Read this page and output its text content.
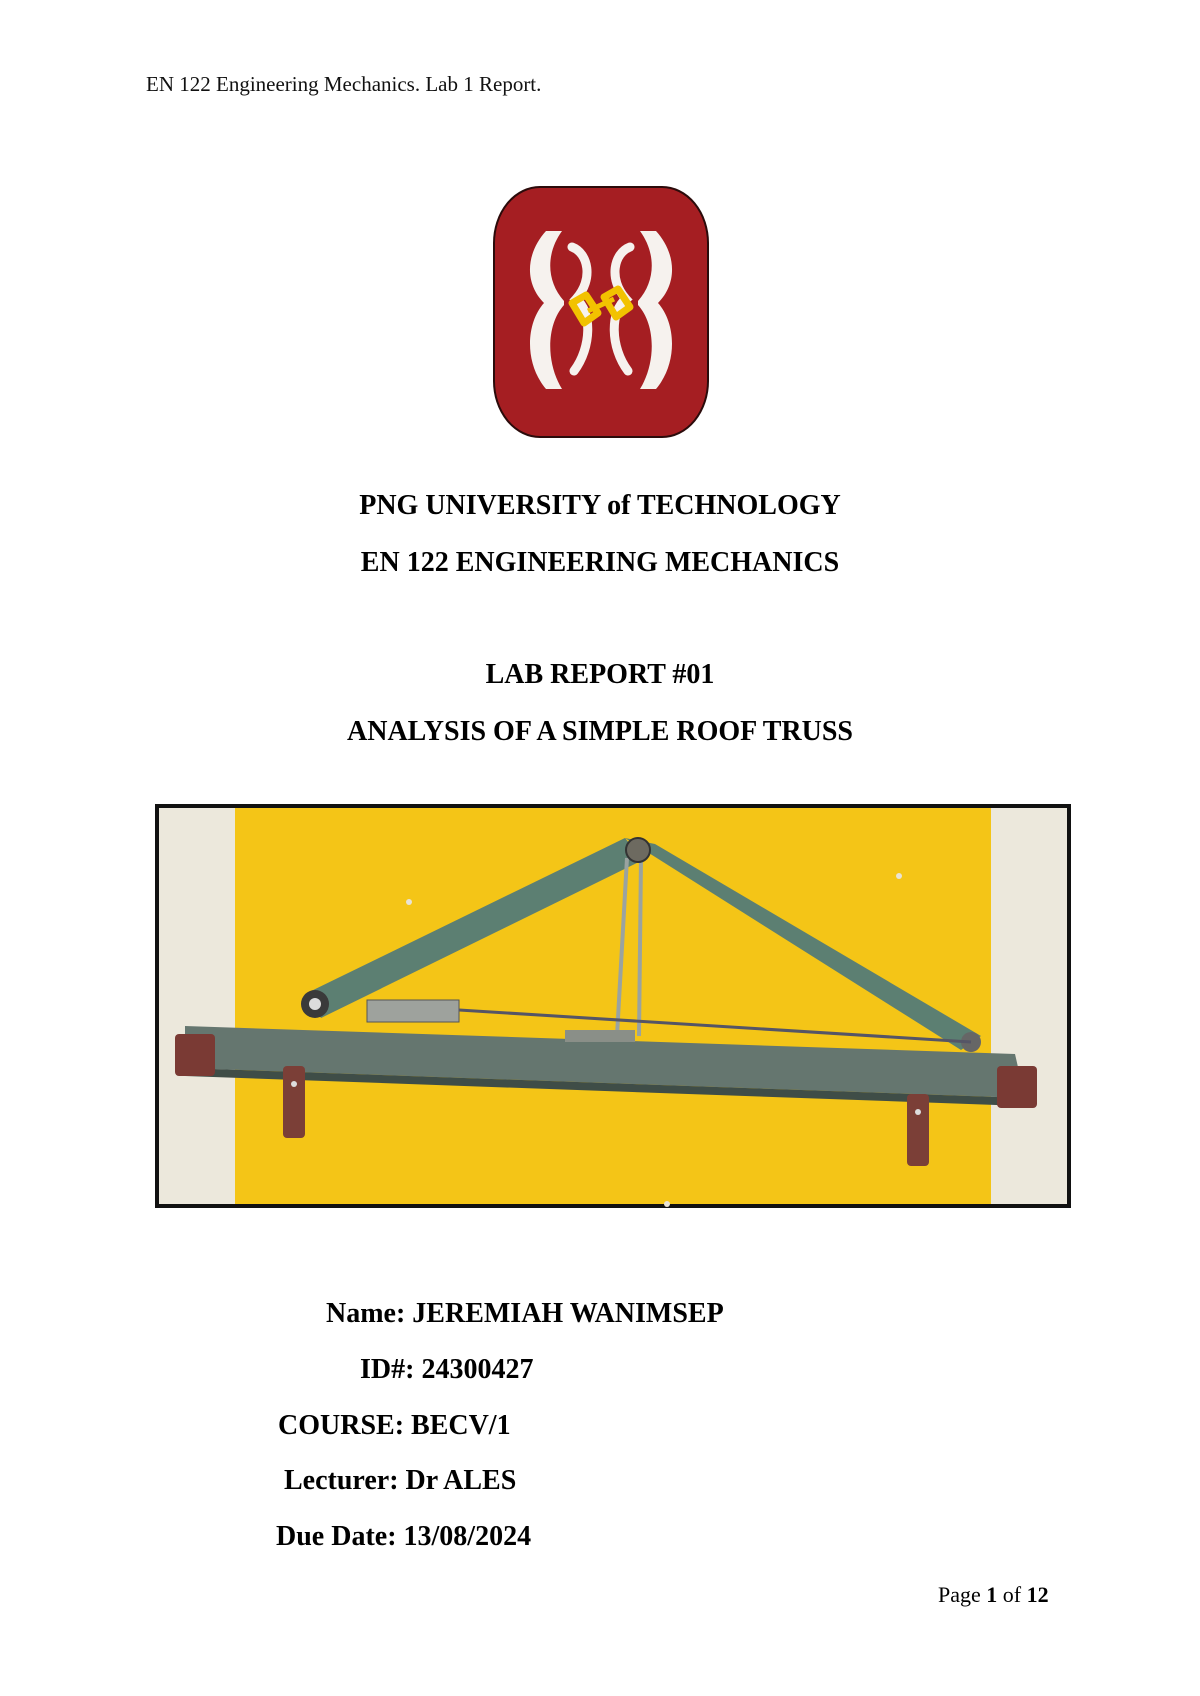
EN 122 Engineering Mechanics. Lab 1 Report.
PNG UNIVERSITY of TECHNOLOGY
EN 122 ENGINEERING MECHANICS
LAB REPORT #01
ANALYSIS OF A SIMPLE ROOF TRUSS
Name: JEREMIAH WANIMSEP
ID#: 24300427
COURSE: BECV/1
Lecturer: Dr ALES
Due Date: 13/08/2024
Page 1 of 12
